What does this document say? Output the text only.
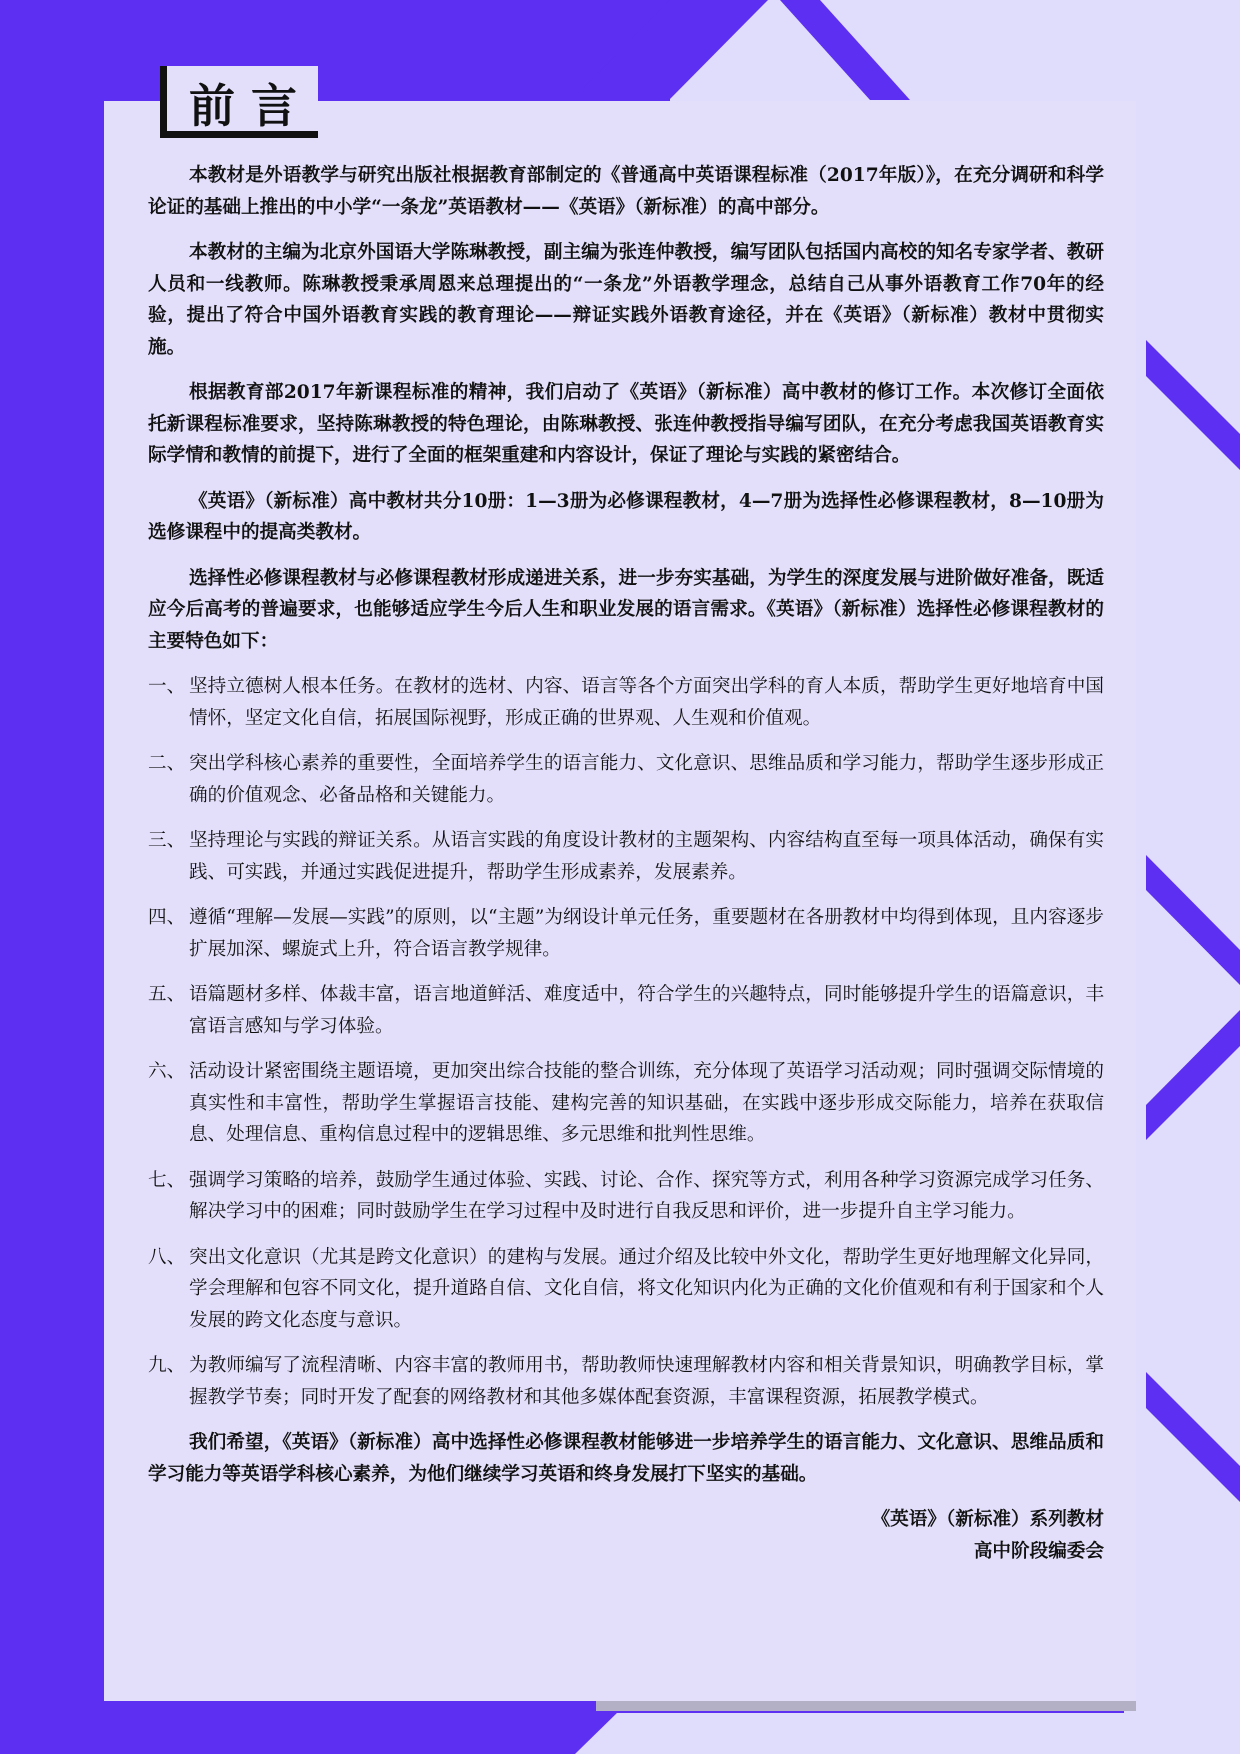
前言

本教材是外语教学与研究出版社根据教育部制定的《普通高中英语课程标准（2017年版）》，在充分调研和科学论证的基础上推出的中小学“一条龙”英语教材——《英语》（新标准）的高中部分。

本教材的主编为北京外国语大学陈琳教授，副主编为张连仲教授，编写团队包括国内高校的知名专家学者、教研人员和一线教师。陈琳教授秉承周恩来总理提出的“一条龙”外语教学理念，总结自己从事外语教育工作70年的经验，提出了符合中国外语教育实践的教育理论——辩证实践外语教育途径，并在《英语》（新标准）教材中贯彻实施。

根据教育部2017年新课程标准的精神，我们启动了《英语》（新标准）高中教材的修订工作。本次修订全面依托新课程标准要求，坚持陈琳教授的特色理论，由陈琳教授、张连仲教授指导编写团队，在充分考虑我国英语教育实际学情和教情的前提下，进行了全面的框架重建和内容设计，保证了理论与实践的紧密结合。

《英语》（新标准）高中教材共分10册：1—3册为必修课程教材，4—7册为选择性必修课程教材，8—10册为选修课程中的提高类教材。

选择性必修课程教材与必修课程教材形成递进关系，进一步夯实基础，为学生的深度发展与进阶做好准备，既适应今后高考的普遍要求，也能够适应学生今后人生和职业发展的语言需求。《英语》（新标准）选择性必修课程教材的主要特色如下：

一、 坚持立德树人根本任务。在教材的选材、内容、语言等各个方面突出学科的育人本质，帮助学生更好地培育中国情怀，坚定文化自信，拓展国际视野，形成正确的世界观、人生观和价值观。
二、 突出学科核心素养的重要性，全面培养学生的语言能力、文化意识、思维品质和学习能力，帮助学生逐步形成正确的价值观念、必备品格和关键能力。
三、 坚持理论与实践的辩证关系。从语言实践的角度设计教材的主题架构、内容结构直至每一项具体活动，确保有实践、可实践，并通过实践促进提升，帮助学生形成素养，发展素养。
四、 遵循“理解—发展—实践”的原则，以“主题”为纲设计单元任务，重要题材在各册教材中均得到体现，且内容逐步扩展加深、螺旋式上升，符合语言教学规律。
五、 语篇题材多样、体裁丰富，语言地道鲜活、难度适中，符合学生的兴趣特点，同时能够提升学生的语篇意识，丰富语言感知与学习体验。
六、 活动设计紧密围绕主题语境，更加突出综合技能的整合训练，充分体现了英语学习活动观；同时强调交际情境的真实性和丰富性，帮助学生掌握语言技能、建构完善的知识基础，在实践中逐步形成交际能力，培养在获取信息、处理信息、重构信息过程中的逻辑思维、多元思维和批判性思维。
七、 强调学习策略的培养，鼓励学生通过体验、实践、讨论、合作、探究等方式，利用各种学习资源完成学习任务、解决学习中的困难；同时鼓励学生在学习过程中及时进行自我反思和评价，进一步提升自主学习能力。
八、 突出文化意识（尤其是跨文化意识）的建构与发展。通过介绍及比较中外文化，帮助学生更好地理解文化异同，学会理解和包容不同文化，提升道路自信、文化自信，将文化知识内化为正确的文化价值观和有利于国家和个人发展的跨文化态度与意识。
九、 为教师编写了流程清晰、内容丰富的教师用书，帮助教师快速理解教材内容和相关背景知识，明确教学目标，掌握教学节奏；同时开发了配套的网络教材和其他多媒体配套资源，丰富课程资源，拓展教学模式。

我们希望，《英语》（新标准）高中选择性必修课程教材能够进一步培养学生的语言能力、文化意识、思维品质和学习能力等英语学科核心素养，为他们继续学习英语和终身发展打下坚实的基础。

《英语》（新标准）系列教材
高中阶段编委会
